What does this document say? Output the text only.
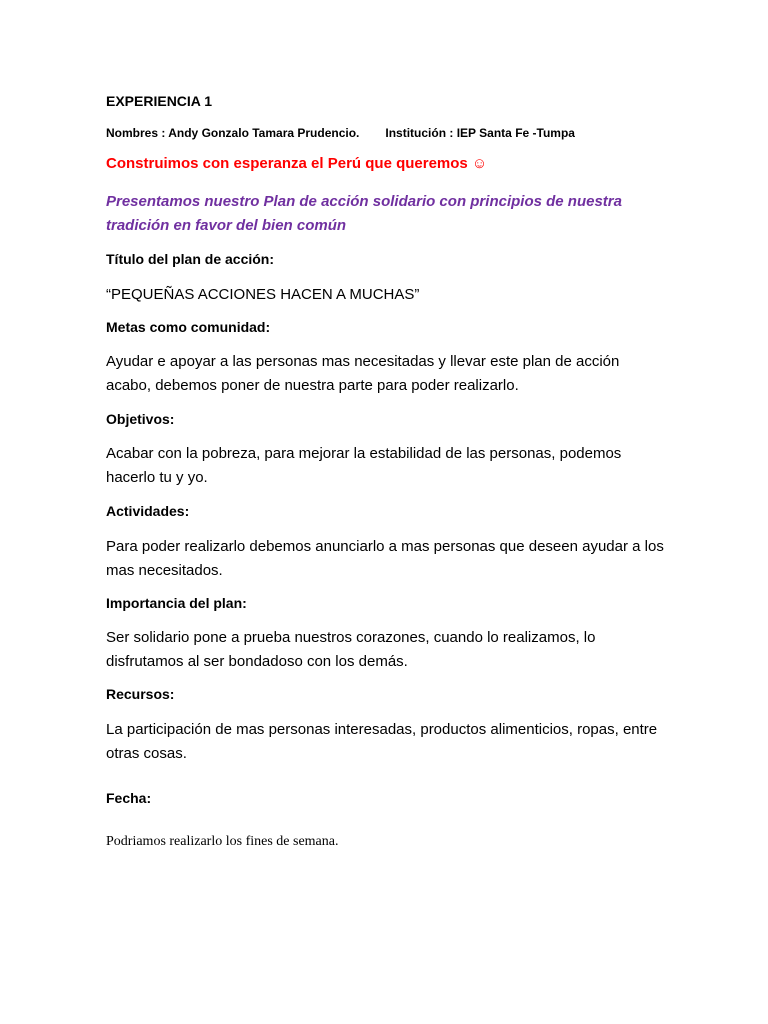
EXPERIENCIA 1
Nombres : Andy Gonzalo Tamara Prudencio. Institución : IEP Santa Fe -Tumpa
Construimos con esperanza el Perú que queremos ☺
Presentamos nuestro Plan de acción solidario con principios de nuestra tradición en favor del bien común
Título del plan de acción:
“PEQUEÑAS ACCIONES HACEN A MUCHAS”
Metas como comunidad:
Ayudar e apoyar a las personas mas necesitadas y llevar este plan de acción acabo, debemos poner de nuestra parte para poder realizarlo.
Objetivos:
Acabar con la pobreza, para mejorar la estabilidad de las personas, podemos hacerlo tu y yo.
Actividades:
Para poder realizarlo debemos anunciarlo a mas personas que deseen ayudar a los mas necesitados.
Importancia del plan:
Ser solidario pone a prueba nuestros corazones, cuando lo realizamos, lo disfrutamos al ser bondadoso con los demás.
Recursos:
La participación de mas personas interesadas, productos alimenticios, ropas, entre otras cosas.
Fecha:
Podriamos realizarlo los fines de semana.
